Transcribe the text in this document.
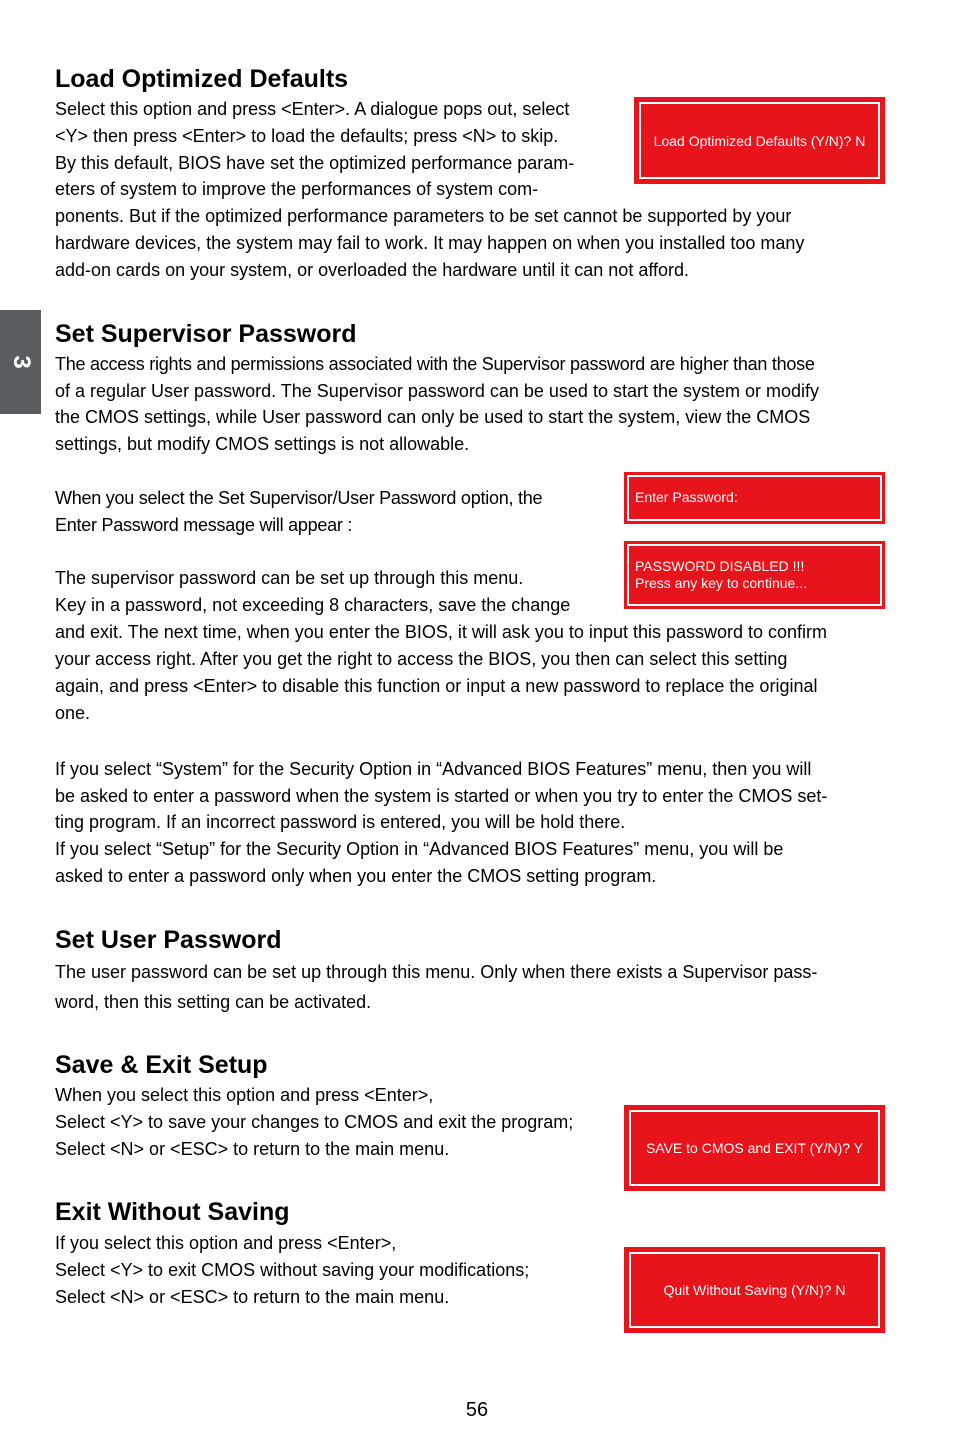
3
Load Optimized Defaults

Select this option and press <Enter>. A dialogue pops out, select

<Y> then press <Enter> to load the defaults; press <N> to skip.

By this default, BIOS have set the optimized performance param-

eters of system to improve the performances of system com-

ponents. But if the optimized performance parameters to be set cannot be supported by your

hardware devices, the system may fail to work. It may happen on when you installed too many

add-on cards on your system, or overloaded the hardware until it can not afford.

Load Optimized Defaults (Y/N)? N
Set Supervisor Password

The access rights and permissions associated with the Supervisor password are higher than those

of a regular User password. The Supervisor password can be used to start the system or modify

the CMOS settings, while User password can only be used to start the system, view the CMOS

settings, but modify CMOS settings is not allowable.

When you select the Set Supervisor/User Password option, the

Enter Password message will appear :

The supervisor password can be set up through this menu.

Key in a password, not exceeding 8 characters, save the change

and exit. The next time, when you enter the BIOS, it will ask you to input this password to confirm

your access right. After you get the right to access the BIOS, you then can select this setting

again, and press <Enter> to disable this function or input a new password to replace the original

one.

If you select “System” for the Security Option in “Advanced BIOS Features” menu, then you will

be asked to enter a password when the system is started or when you try to enter the CMOS set-

ting program. If an incorrect password is entered, you will be hold there.

If you select “Setup” for the Security Option in “Advanced BIOS Features” menu, you will be

asked to enter a password only when you enter the CMOS setting program.

Enter Password:
PASSWORD DISABLED !!!
Press any key to continue...
Set User Password

The user password can be set up through this menu. Only when there exists a Supervisor pass-

word, then this setting can be activated.

Save & Exit Setup

When you select this option and press <Enter>,

Select <Y> to save your changes to CMOS and exit the program;

Select <N> or <ESC> to return to the main menu.	SAVE to CMOS and EXIT (Y/N)? Y
Exit Without Saving

If you select this option and press <Enter>,

Select <Y> to exit CMOS without saving your modifications;

Select <N> or <ESC> to return to the main menu.	Quit Without Saving (Y/N)? N
56
